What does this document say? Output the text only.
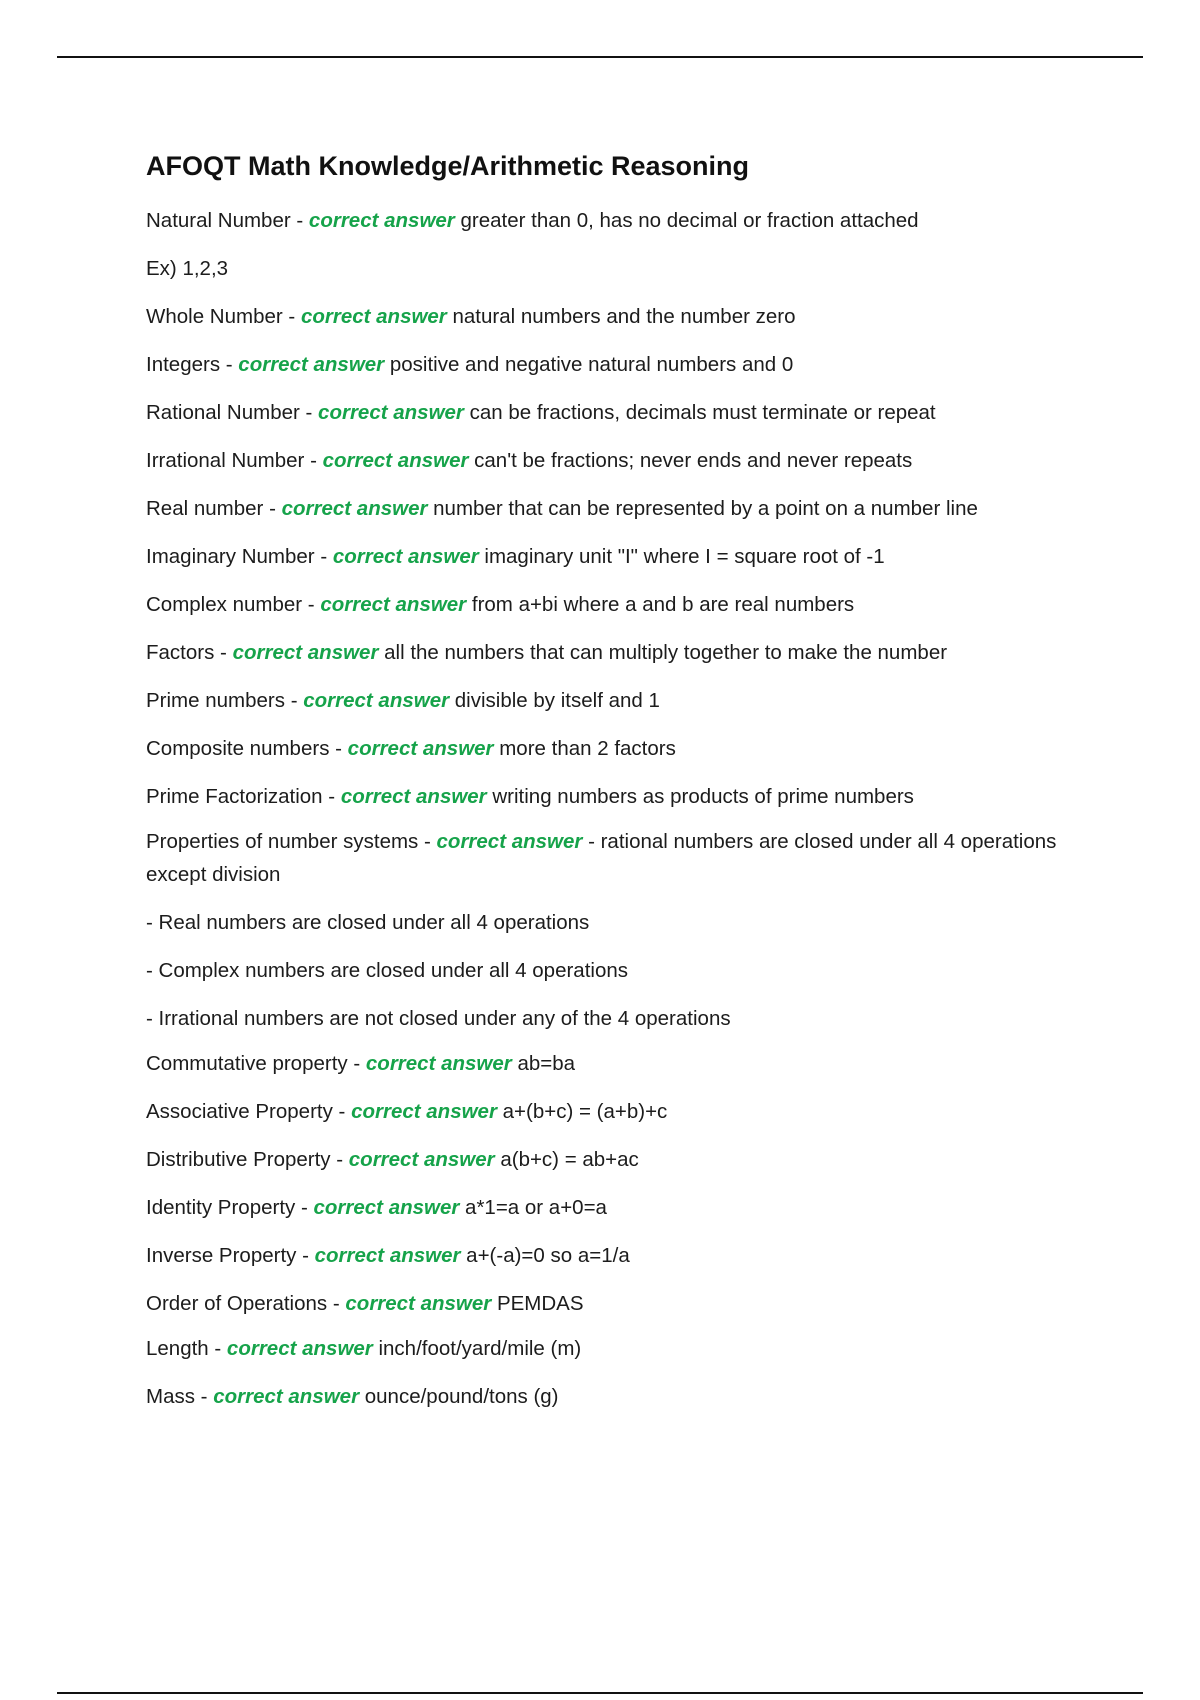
AFOQT Math Knowledge/Arithmetic Reasoning

Natural Number - correct answer greater than 0, has no decimal or fraction attached

Ex) 1,2,3

Whole Number - correct answer natural numbers and the number zero

Integers - correct answer positive and negative natural numbers and 0

Rational Number - correct answer can be fractions, decimals must terminate or repeat

Irrational Number - correct answer can't be fractions; never ends and never repeats

Real number - correct answer number that can be represented by a point on a number line

Imaginary Number - correct answer imaginary unit "I" where I = square root of -1

Complex number - correct answer from a+bi where a and b are real numbers

Factors - correct answer all the numbers that can multiply together to make the number

Prime numbers - correct answer divisible by itself and 1

Composite numbers - correct answer more than 2 factors

Prime Factorization - correct answer writing numbers as products of prime numbers

Properties of number systems - correct answer - rational numbers are closed under all 4 operations except division

- Real numbers are closed under all 4 operations

- Complex numbers are closed under all 4 operations

- Irrational numbers are not closed under any of the 4 operations

Commutative property - correct answer ab=ba

Associative Property - correct answer a+(b+c) = (a+b)+c

Distributive Property - correct answer a(b+c) = ab+ac

Identity Property - correct answer a*1=a or a+0=a

Inverse Property - correct answer a+(-a)=0 so a=1/a

Order of Operations - correct answer PEMDAS

Length - correct answer inch/foot/yard/mile (m)

Mass - correct answer ounce/pound/tons (g)
